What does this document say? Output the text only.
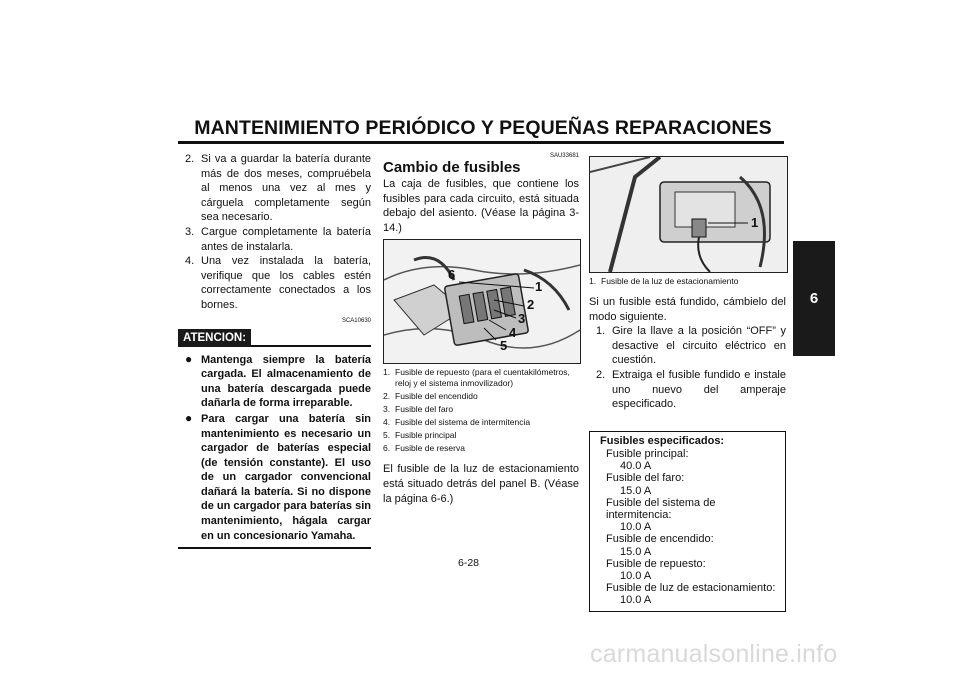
MANTENIMIENTO PERIÓDICO Y PEQUEÑAS REPARACIONES
6
2. Si va a guardar la batería durante más de dos meses, compruébela al menos una vez al mes y cárguela completamente según sea necesario.
3. Cargue completamente la batería antes de instalarla.
4. Una vez instalada la batería, verifique que los cables estén correctamente conectados a los bornes.
SCA10630
ATENCION:
● Mantenga siempre la batería cargada. El almacenamiento de una batería descargada puede dañarla de forma irreparable.
● Para cargar una batería sin mantenimiento es necesario un cargador de baterías especial (de tensión constante). El uso de un cargador convencional dañará la batería. Si no dispone de un cargador para baterías sin mantenimiento, hágala cargar en un concesionario Yamaha.
SAU33681
Cambio de fusibles

La caja de fusibles, que contiene los fusibles para cada circuito, está situada debajo del asiento. (Véase la página 3-14.)

6
1
2
3
4
5
1. Fusible de repuesto (para el cuentakilómetros, reloj y el sistema inmovilizador)
2. Fusible del encendido
3. Fusible del faro
4. Fusible del sistema de intermitencia
5. Fusible principal
6. Fusible de reserva

El fusible de la luz de estacionamiento está situado detrás del panel B. (Véase la página 6-6.)

1
1. Fusible de la luz de estacionamiento

Si un fusible está fundido, cámbielo del modo siguiente.

1. Gire la llave a la posición “OFF” y desactive el circuito eléctrico en cuestión.
2. Extraiga el fusible fundido e instale uno nuevo del amperaje especificado.
Fusibles especificados:
Fusible principal:
40.0 A
Fusible del faro:
15.0 A
Fusible del sistema de intermitencia:
10.0 A
Fusible de encendido:
15.0 A
Fusible de repuesto:
10.0 A
Fusible de luz de estacionamiento:
10.0 A
6-28
carmanualsonline.info
